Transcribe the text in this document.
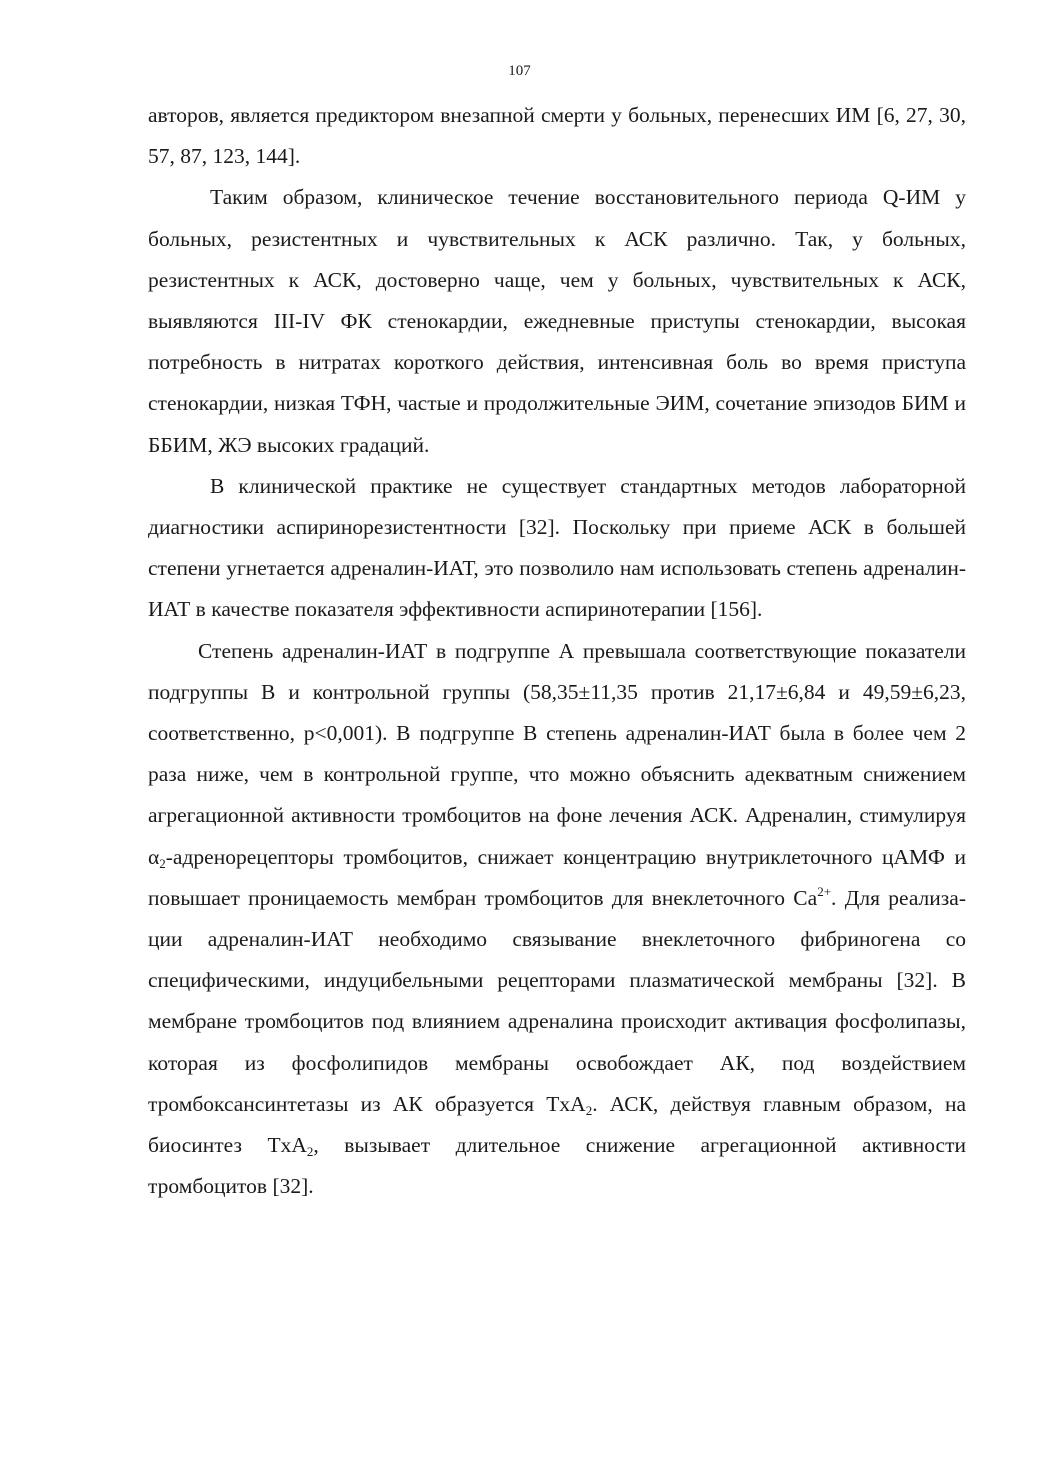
107

авторов, является предиктором внезапной смерти у больных, перенесших ИМ [6, 27, 30, 57, 87, 123, 144].

Таким образом, клиническое течение восстановительного периода Q-ИМ у больных, резистентных и чувствительных к АСК различно. Так, у больных, резистентных к АСК, достоверно чаще, чем у больных, чувствительных к АСК, выявляются III-IV ФК стенокардии, ежедневные приступы стенокардии, высокая потребность в нитратах короткого действия, интенсивная боль во время приступа стенокардии, низкая ТФН, частые и продолжительные ЭИМ, сочетание эпизодов БИМ и ББИМ, ЖЭ высоких градаций.

В клинической практике не существует стандартных методов лабораторной диагностики аспиринорезистентности [32]. Поскольку при приеме АСК в большей степени угнетается адреналин-ИАТ, это позволило нам использовать степень адреналин-ИАТ в качестве показателя эффективности аспиринотерапии [156].

Степень адреналин-ИАТ в подгруппе А превышала соответствующие показатели подгруппы В и контрольной группы (58,35±11,35 против 21,17±6,84 и 49,59±6,23, соответственно, р<0,001). В подгруппе В степень адреналин-ИАТ была в более чем 2 раза ниже, чем в контрольной группе, что можно объяснить адекватным снижением агрегационной активности тромбоцитов на фоне лечения АСК. Адреналин, стимулируя $\alpha_2$-адренорецепторы тромбоцитов, снижает концентрацию внутриклеточного цАМФ и повышает проницаемость мембран тромбоцитов для внеклеточного $Ca^{2+}$. Для реализации адреналин-ИАТ необходимо связывание внеклеточного фибриногена со специфическими, индуцибельными рецепторами плазматической мембраны [32]. В мембране тромбоцитов под влиянием адреналина происходит активация фосфолипазы, которая из фосфолипидов мембраны освобождает АК, под воздействием тромбоксансинтетазы из АК образуется TxA$_2$. АСК, действуя главным образом, на биосинтез TxA$_2$, вызывает длительное снижение агрегационной активности тромбоцитов [32].
